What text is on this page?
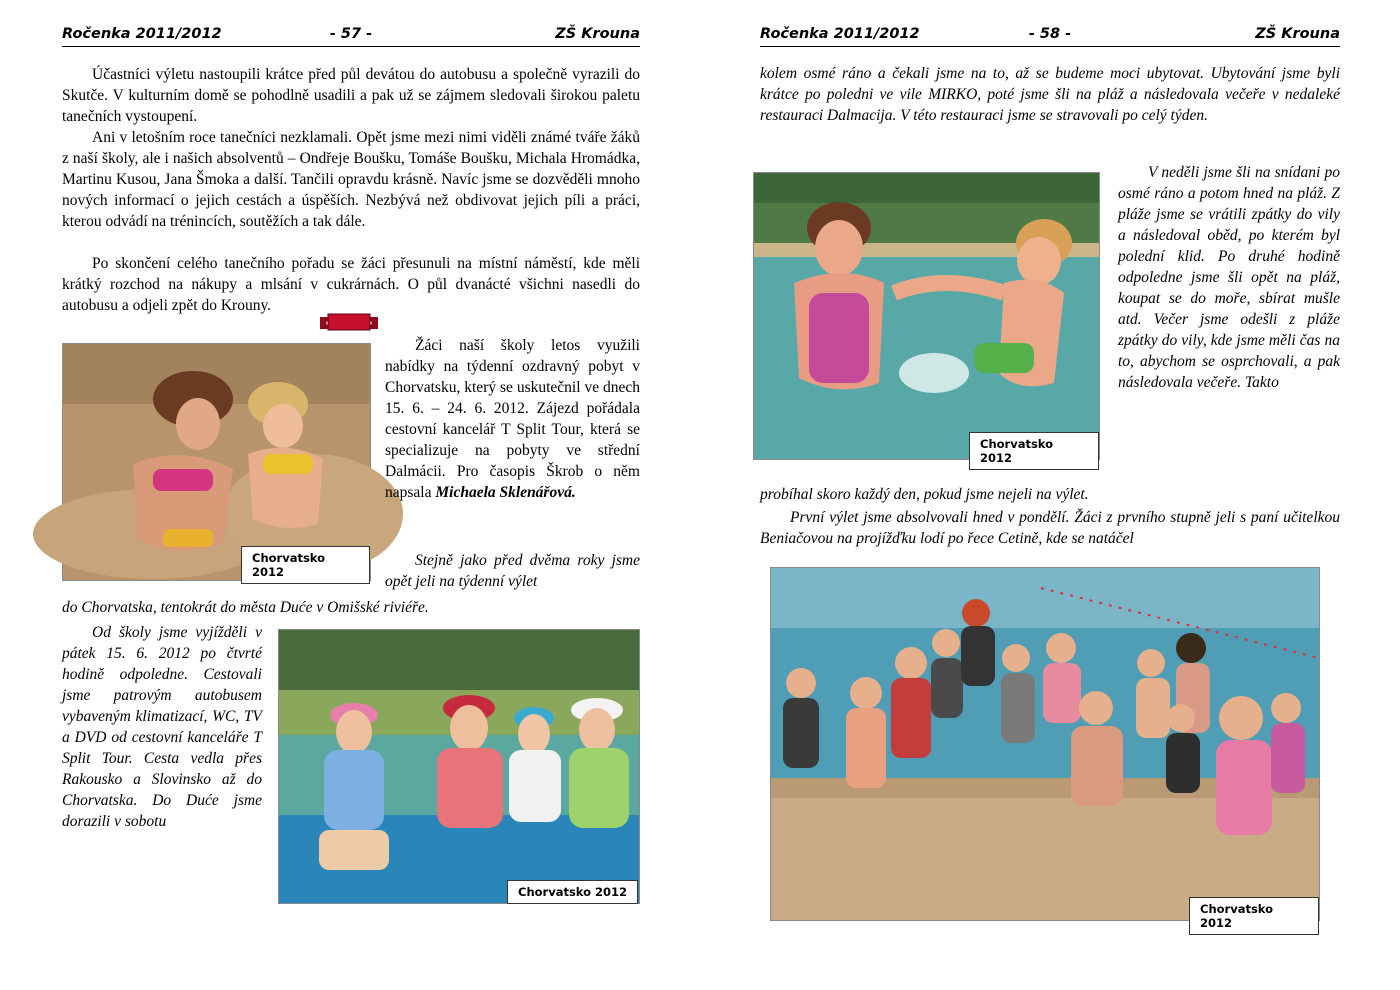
Ročenka 2011/2012	- 57 -	ZŠ Krouna

Účastníci výletu nastoupili krátce před půl devátou do autobusu a společně vyrazili do Skutče. V kulturním domě se pohodlně usadili a pak už se zájmem sledovali širokou paletu tanečních vystoupení.

Ani v letošním roce tanečníci nezklamali. Opět jsme mezi nimi viděli známé tváře žáků z naší školy, ale i našich absolventů – Ondřeje Boušku, Tomáše Boušku, Michala Hromádka, Martinu Kusou, Jana Šmoka a další. Tančili opravdu krásně. Navíc jsme se dozvěděli mnoho nových informací o jejich cestách a úspěších. Nezbývá než obdivovat jejich píli a práci, kterou odvádí na trénincích, soutěžích a tak dále.

Po skončení celého tanečního pořadu se žáci přesunuli na místní náměstí, kde měli krátký rozchod na nákupy a mlsání v cukrárnách. O půl dvanácté všichni nasedli do autobusu a odjeli zpět do Krouny.

Chorvatsko 2012

Žáci naší školy letos využili nabídky na týdenní ozdravný pobyt v Chorvatsku, který se uskutečnil ve dnech 15. 6. – 24. 6. 2012. Zájezd pořádala cestovní kancelář T Split Tour, která se specializuje na pobyty ve střední Dalmácii. Pro časopis Škrob o něm napsala Michaela Sklenářová.

Stejně jako před dvěma roky jsme opět jeli na týdenní výlet

do Chorvatska, tentokrát do města Duće v Omišské riviéře.

Od školy jsme vyjížděli v pátek 15. 6. 2012 po čtvrté hodině odpoledne. Cestovali jsme patrovým autobusem vybaveným klimatizací, WC, TV a DVD od cestovní kanceláře T Split Tour. Cesta vedla přes Rakousko a Slovinsko až do Chorvatska. Do Duće jsme dorazili v sobotu

Chorvatsko 2012
Ročenka 2011/2012	- 58 -	ZŠ Krouna

kolem osmé ráno a čekali jsme na to, až se budeme moci ubytovat. Ubytování jsme byli krátce po poledni ve vile MIRKO, poté jsme šli na pláž a následovala večeře v nedaleké restauraci Dalmacija. V této restauraci jsme se stravovali po celý týden.

Chorvatsko 2012

V neděli jsme šli na snídani po osmé ráno a potom hned na pláž. Z pláže jsme se vrátili zpátky do vily a následoval oběd, po kterém byl polední klid. Po druhé hodině odpoledne jsme šli opět na pláž, koupat se do moře, sbírat mušle atd. Večer jsme odešli z pláže zpátky do vily, kde jsme měli čas na to, abychom se osprchovali, a pak následovala večeře. Takto

probíhal skoro každý den, pokud jsme nejeli na výlet.

První výlet jsme absolvovali hned v pondělí. Žáci z prvního stupně jeli s paní učitelkou Beniačovou na projížďku lodí po řece Cetině, kde se natáčel

Chorvatsko 2012
